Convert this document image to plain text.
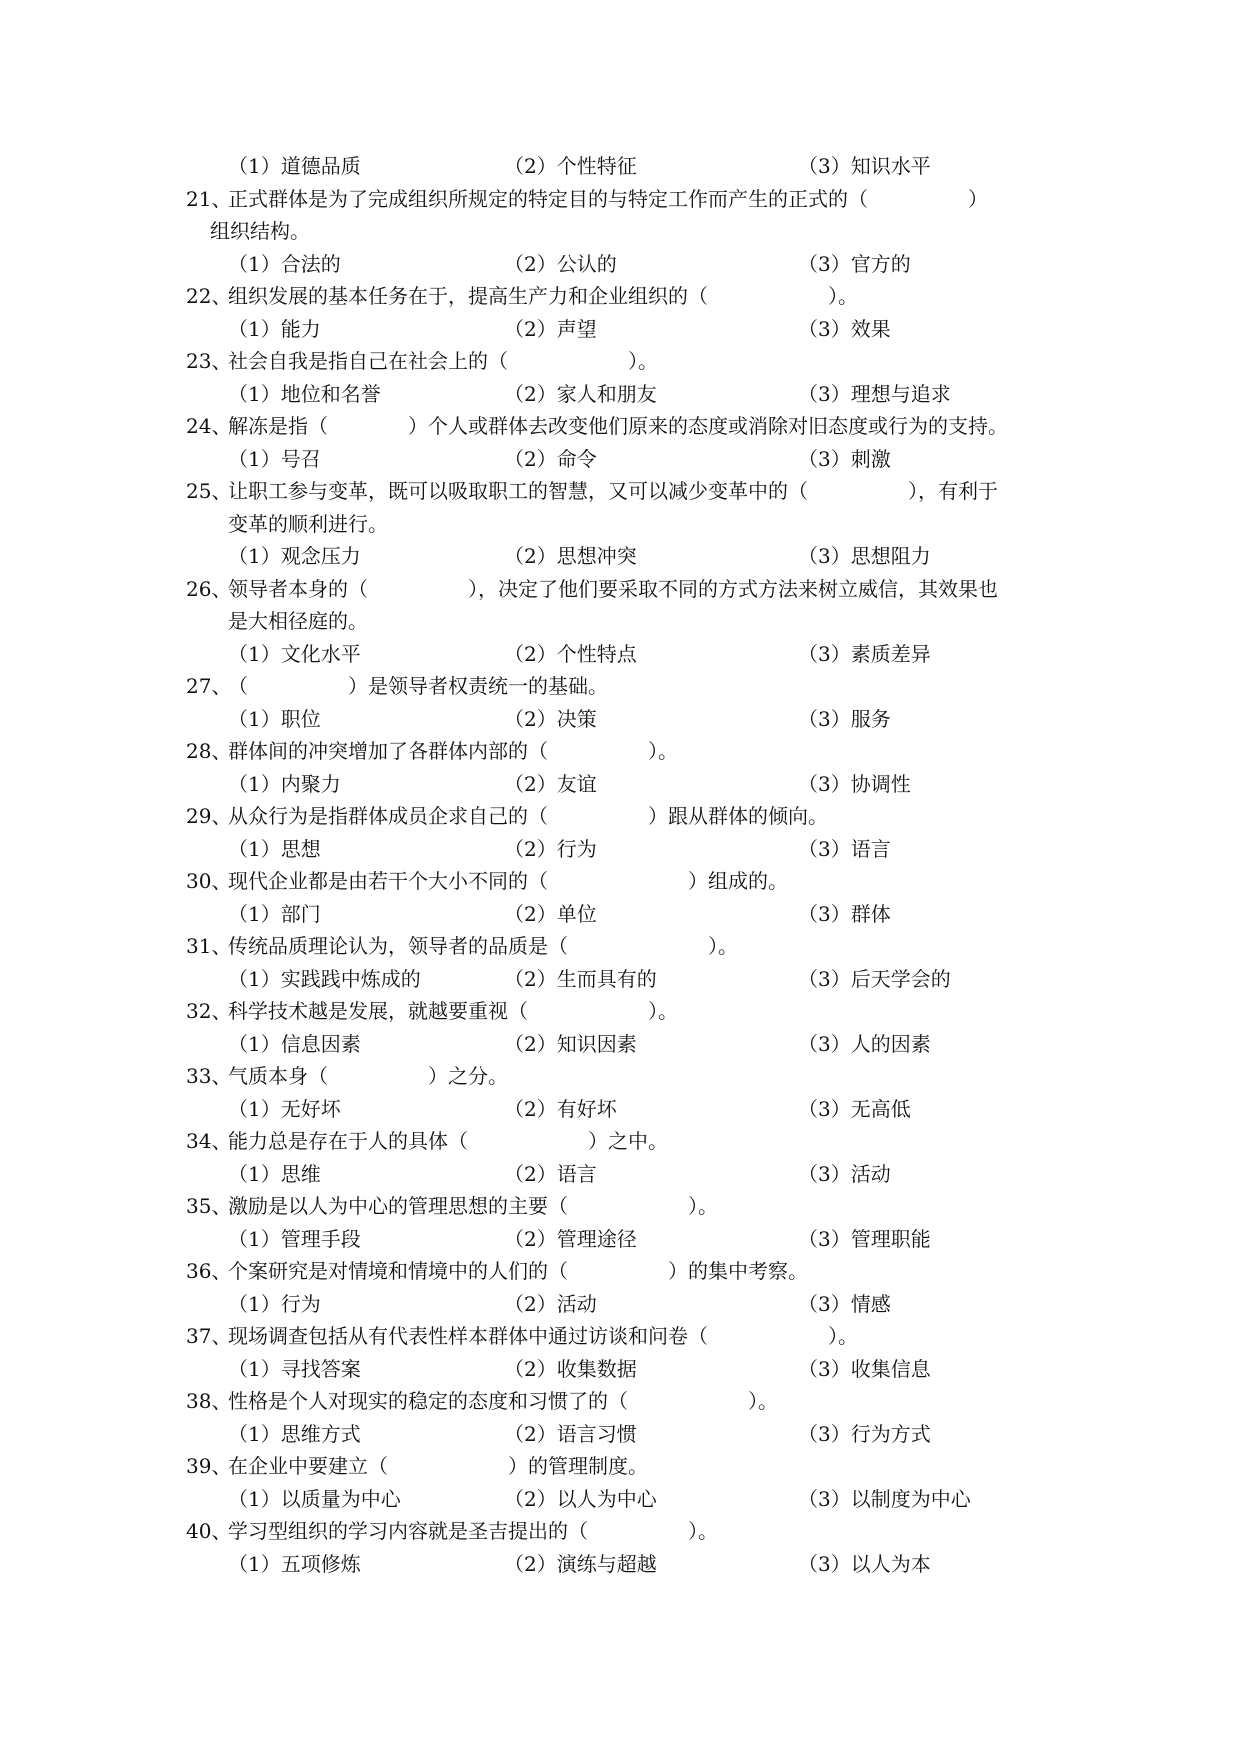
（1）道德品质	（2）个性特征	（3）知识水平
21、
正式群体是为了完成组织所规定的特定目的与特定工作而产生的正式的（　　　　　）
组织结构。
（1）合法的	（2）公认的	（3）官方的
22、
组织发展的基本任务在于，提高生产力和企业组织的（　　　　　　）。
（1）能力	（2）声望	（3）效果
23、
社会自我是指自己在社会上的（　　　　　　）。
（1）地位和名誉	（2）家人和朋友	（3）理想与追求
24、
解冻是指（　　　　）个人或群体去改变他们原来的态度或消除对旧态度或行为的支持。
（1）号召	（2）命令	（3）刺激
25、
让职工参与变革，既可以吸取职工的智慧，又可以减少变革中的（　　　　　），有利于
变革的顺利进行。
（1）观念压力	（2）思想冲突	（3）思想阻力
26、
领导者本身的（　　　　　），决定了他们要采取不同的方式方法来树立威信，其效果也
是大相径庭的。
（1）文化水平	（2）个性特点	（3）素质差异
27、
（　　　　　）是领导者权责统一的基础。
（1）职位	（2）决策	（3）服务
28、
群体间的冲突增加了各群体内部的（　　　　　）。
（1）内聚力	（2）友谊	（3）协调性
29、
从众行为是指群体成员企求自己的（　　　　　）跟从群体的倾向。
（1）思想	（2）行为	（3）语言
30、
现代企业都是由若干个大小不同的（　　　　　　　）组成的。
（1）部门	（2）单位	（3）群体
31、
传统品质理论认为，领导者的品质是（　　　　　　　）。
（1）实践践中炼成的	（2）生而具有的	（3）后天学会的
32、
科学技术越是发展，就越要重视（　　　　　　）。
（1）信息因素	（2）知识因素	（3）人的因素
33、
气质本身（　　　　　）之分。
（1）无好坏	（2）有好坏	（3）无高低
34、
能力总是存在于人的具体（　　　　　　）之中。
（1）思维	（2）语言	（3）活动
35、
激励是以人为中心的管理思想的主要（　　　　　　）。
（1）管理手段	（2）管理途径	（3）管理职能
36、
个案研究是对情境和情境中的人们的（　　　　　）的集中考察。
（1）行为	（2）活动	（3）情感
37、
现场调查包括从有代表性样本群体中通过访谈和问卷（　　　　　　）。
（1）寻找答案	（2）收集数据	（3）收集信息
38、
性格是个人对现实的稳定的态度和习惯了的（　　　　　　）。
（1）思维方式	（2）语言习惯	（3）行为方式
39、
在企业中要建立（　　　　　　）的管理制度。
（1）以质量为中心	（2）以人为中心	（3）以制度为中心
40、
学习型组织的学习内容就是圣吉提出的（　　　　　）。
（1）五项修炼	（2）演练与超越	（3）以人为本
